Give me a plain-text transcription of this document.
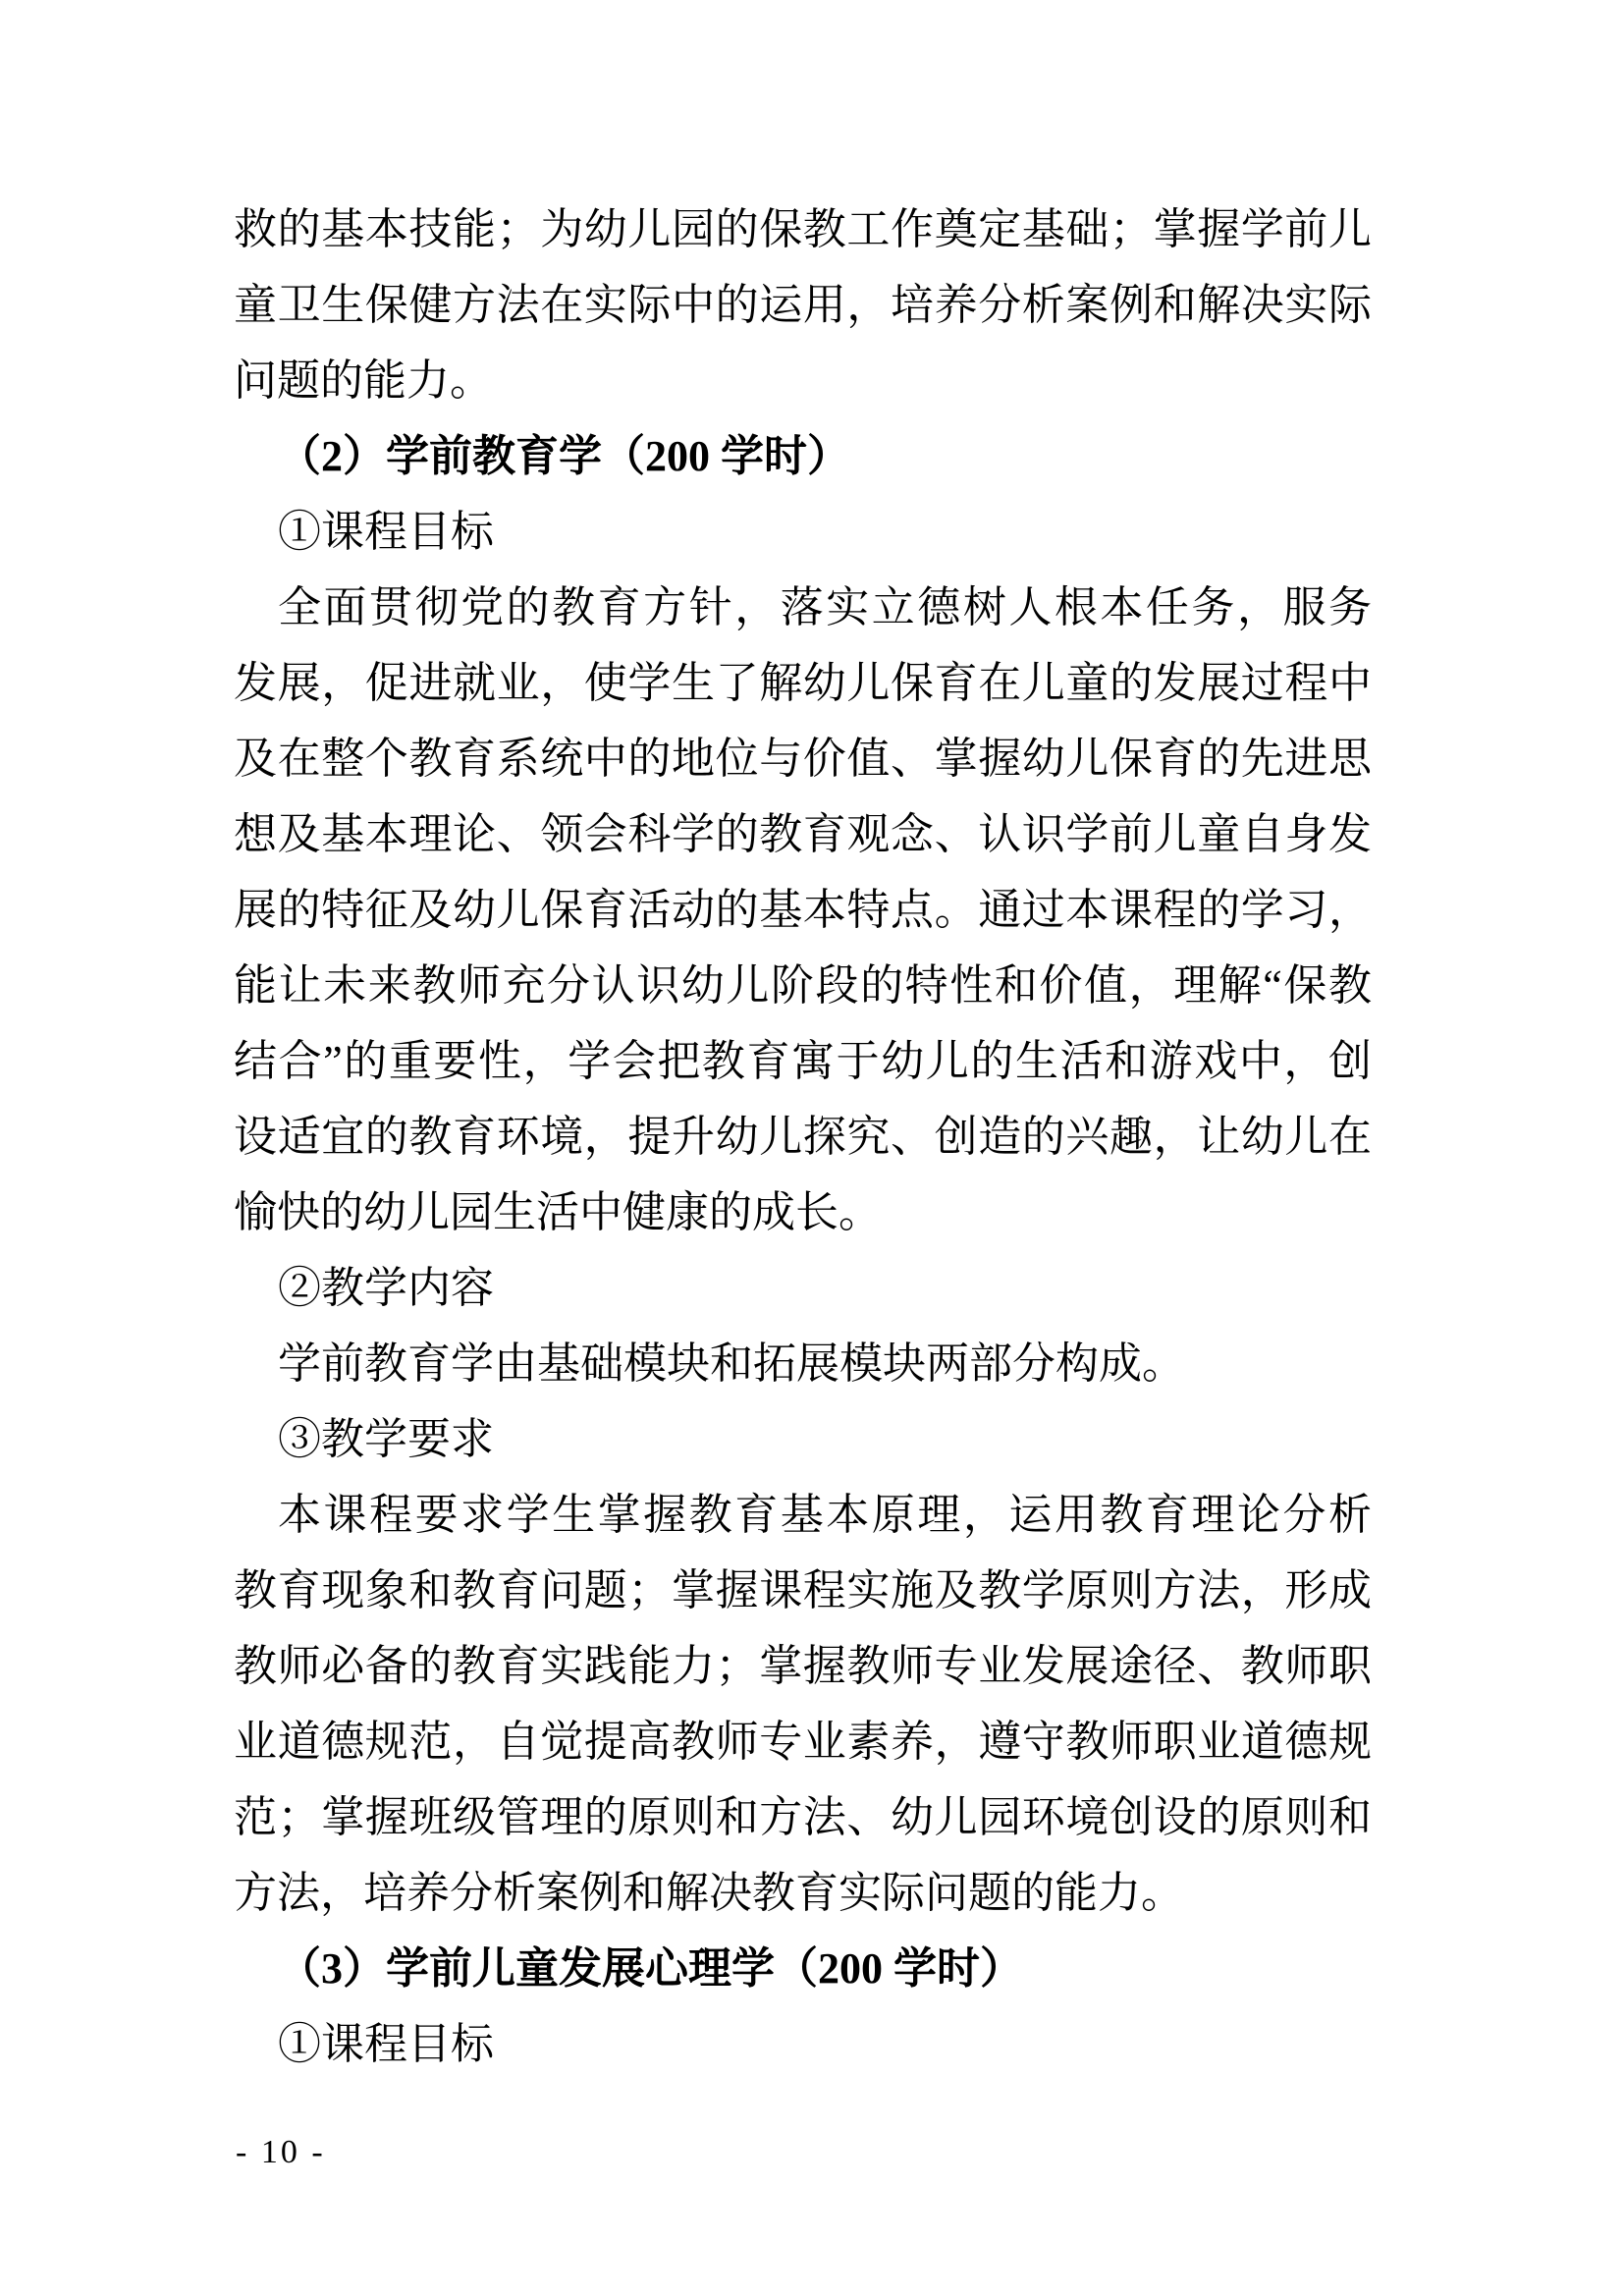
救的基本技能；为幼儿园的保教工作奠定基础；掌握学前儿
童卫生保健方法在实际中的运用，培养分析案例和解决实际
问题的能力。
（2）学前教育学（200 学时）
①课程目标
全面贯彻党的教育方针，落实立德树人根本任务，服务
发展，促进就业，使学生了解幼儿保育在儿童的发展过程中
及在整个教育系统中的地位与价值、掌握幼儿保育的先进思
想及基本理论、领会科学的教育观念、认识学前儿童自身发
展的特征及幼儿保育活动的基本特点。通过本课程的学习，
能让未来教师充分认识幼儿阶段的特性和价值，理解“保教
结合”的重要性，学会把教育寓于幼儿的生活和游戏中，创
设适宜的教育环境，提升幼儿探究、创造的兴趣，让幼儿在
愉快的幼儿园生活中健康的成长。
②教学内容
学前教育学由基础模块和拓展模块两部分构成。
③教学要求
本课程要求学生掌握教育基本原理，运用教育理论分析
教育现象和教育问题；掌握课程实施及教学原则方法，形成
教师必备的教育实践能力；掌握教师专业发展途径、教师职
业道德规范，自觉提高教师专业素养，遵守教师职业道德规
范；掌握班级管理的原则和方法、幼儿园环境创设的原则和
方法，培养分析案例和解决教育实际问题的能力。
（3）学前儿童发展心理学（200 学时）
①课程目标
- 10 -
